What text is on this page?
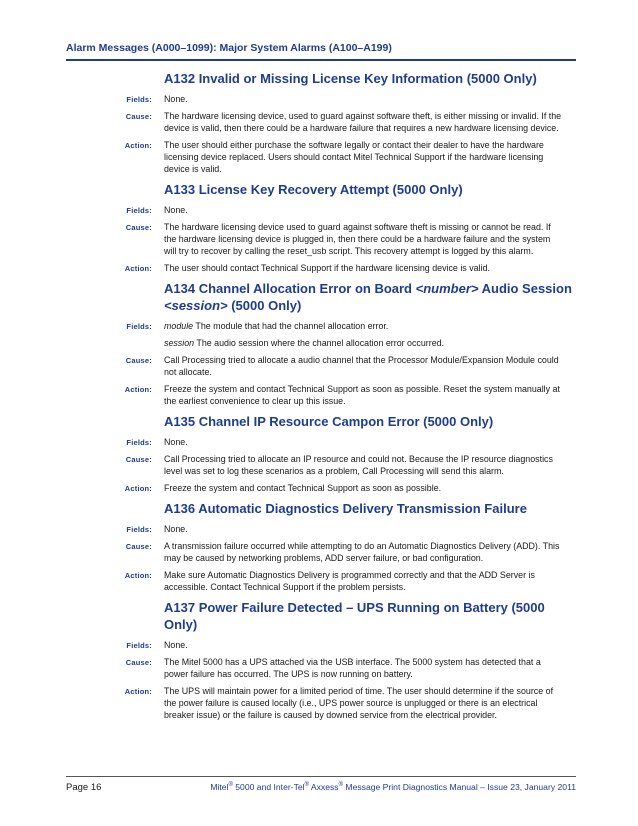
Alarm Messages (A000–1099): Major System Alarms (A100–A199)
A132 Invalid or Missing License Key Information (5000 Only)
Fields: None.
Cause: The hardware licensing device, used to guard against software theft, is either missing or invalid. If the device is valid, then there could be a hardware failure that requires a new hardware licensing device.
Action: The user should either purchase the software legally or contact their dealer to have the hardware licensing device replaced. Users should contact Mitel Technical Support if the hardware licensing device is valid.
A133 License Key Recovery Attempt (5000 Only)
Fields: None.
Cause: The hardware licensing device used to guard against software theft is missing or cannot be read. If the hardware licensing device is plugged in, then there could be a hardware failure and the system will try to recover by calling the reset_usb script. This recovery attempt is logged by this alarm.
Action: The user should contact Technical Support if the hardware licensing device is valid.
A134 Channel Allocation Error on Board <number> Audio Session <session> (5000 Only)
Fields: module The module that had the channel allocation error.
session The audio session where the channel allocation error occurred.
Cause: Call Processing tried to allocate a audio channel that the Processor Module/Expansion Module could not allocate.
Action: Freeze the system and contact Technical Support as soon as possible. Reset the system manually at the earliest convenience to clear up this issue.
A135 Channel IP Resource Campon Error (5000 Only)
Fields: None.
Cause: Call Processing tried to allocate an IP resource and could not. Because the IP resource diagnostics level was set to log these scenarios as a problem, Call Processing will send this alarm.
Action: Freeze the system and contact Technical Support as soon as possible.
A136 Automatic Diagnostics Delivery Transmission Failure
Fields: None.
Cause: A transmission failure occurred while attempting to do an Automatic Diagnostics Delivery (ADD). This may be caused by networking problems, ADD server failure, or bad configuration.
Action: Make sure Automatic Diagnostics Delivery is programmed correctly and that the ADD Server is accessible. Contact Technical Support if the problem persists.
A137 Power Failure Detected – UPS Running on Battery (5000 Only)
Fields: None.
Cause: The Mitel 5000 has a UPS attached via the USB interface. The 5000 system has detected that a power failure has occurred. The UPS is now running on battery.
Action: The UPS will maintain power for a limited period of time. The user should determine if the source of the power failure is caused locally (i.e., UPS power source is unplugged or there is an electrical breaker issue) or the failure is caused by downed service from the electrical provider.
Page 16	Mitel® 5000 and Inter-Tel® Axxess® Message Print Diagnostics Manual – Issue 23, January 2011
